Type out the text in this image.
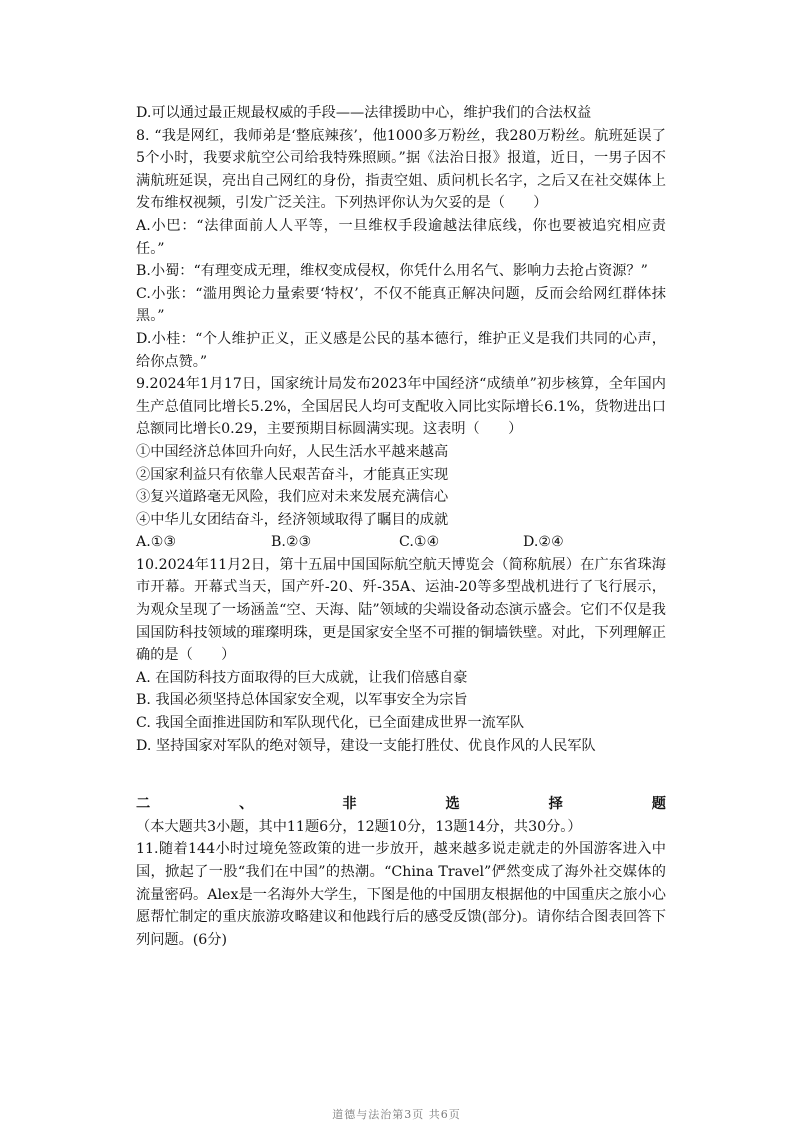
D.可以通过最正规最权威的手段——法律援助中心，维护我们的合法权益

8. “我是网红，我师弟是‘整底辣孩’，他1000多万粉丝，我280万粉丝。航班延误了5个小时，我要求航空公司给我特殊照顾。”据《法治日报》报道，近日，一男子因不满航班延误，亮出自己网红的身份，指责空姐、质问机长名字，之后又在社交媒体上发布维权视频，引发广泛关注。下列热评你认为欠妥的是（　　）

A.小巴：“法律面前人人平等，一旦维权手段逾越法律底线，你也要被追究相应责任。”

B.小蜀：“有理变成无理，维权变成侵权，你凭什么用名气、影响力去抢占资源？”

C.小张：“滥用舆论力量索要‘特权’，不仅不能真正解决问题，反而会给网红群体抹黑。”

D.小桂：“个人维护正义，正义感是公民的基本德行，维护正义是我们共同的心声，给你点赞。”

9.2024年1月17日，国家统计局发布2023年中国经济“成绩单”初步核算，全年国内生产总值同比增长5.2%，全国居民人均可支配收入同比实际增长6.1%，货物进出口总额同比增长0.29，主要预期目标圆满实现。这表明（　　）

①中国经济总体回升向好，人民生活水平越来越高

②国家利益只有依靠人民艰苦奋斗，才能真正实现

③复兴道路毫无风险，我们应对未来发展充满信心

④中华儿女团结奋斗，经济领域取得了瞩目的成就

A.①③	B.②③	C.①④	D.②④

10.2024年11月2日，第十五届中国国际航空航天博览会（简称航展）在广东省珠海市开幕。开幕式当天，国产歼-20、歼-35A、运油-20等多型战机进行了飞行展示，为观众呈现了一场涵盖“空、天海、陆”领域的尖端设备动态演示盛会。它们不仅是我国国防科技领域的璀璨明珠，更是国家安全坚不可摧的铜墙铁壁。对此，下列理解正确的是（　　）

A. 在国防科技方面取得的巨大成就，让我们倍感自豪

B. 我国必须坚持总体国家安全观，以军事安全为宗旨

C. 我国全面推进国防和军队现代化，已全面建成世界一流军队

D. 坚持国家对军队的绝对领导，建设一支能打胜仗、优良作风的人民军队

二、非选择题（本大题共3小题，其中11题6分，12题10分，13题14分，共30分。）

11.随着144小时过境免签政策的进一步放开，越来越多说走就走的外国游客进入中国，掀起了一股“我们在中国”的热潮。“China Travel”俨然变成了海外社交媒体的流量密码。Alex是一名海外大学生，下图是他的中国朋友根据他的中国重庆之旅小心愿帮忙制定的重庆旅游攻略建议和他践行后的感受反馈(部分)。请你结合图表回答下列问题。(6分)

道德与法治第3页 共6页
